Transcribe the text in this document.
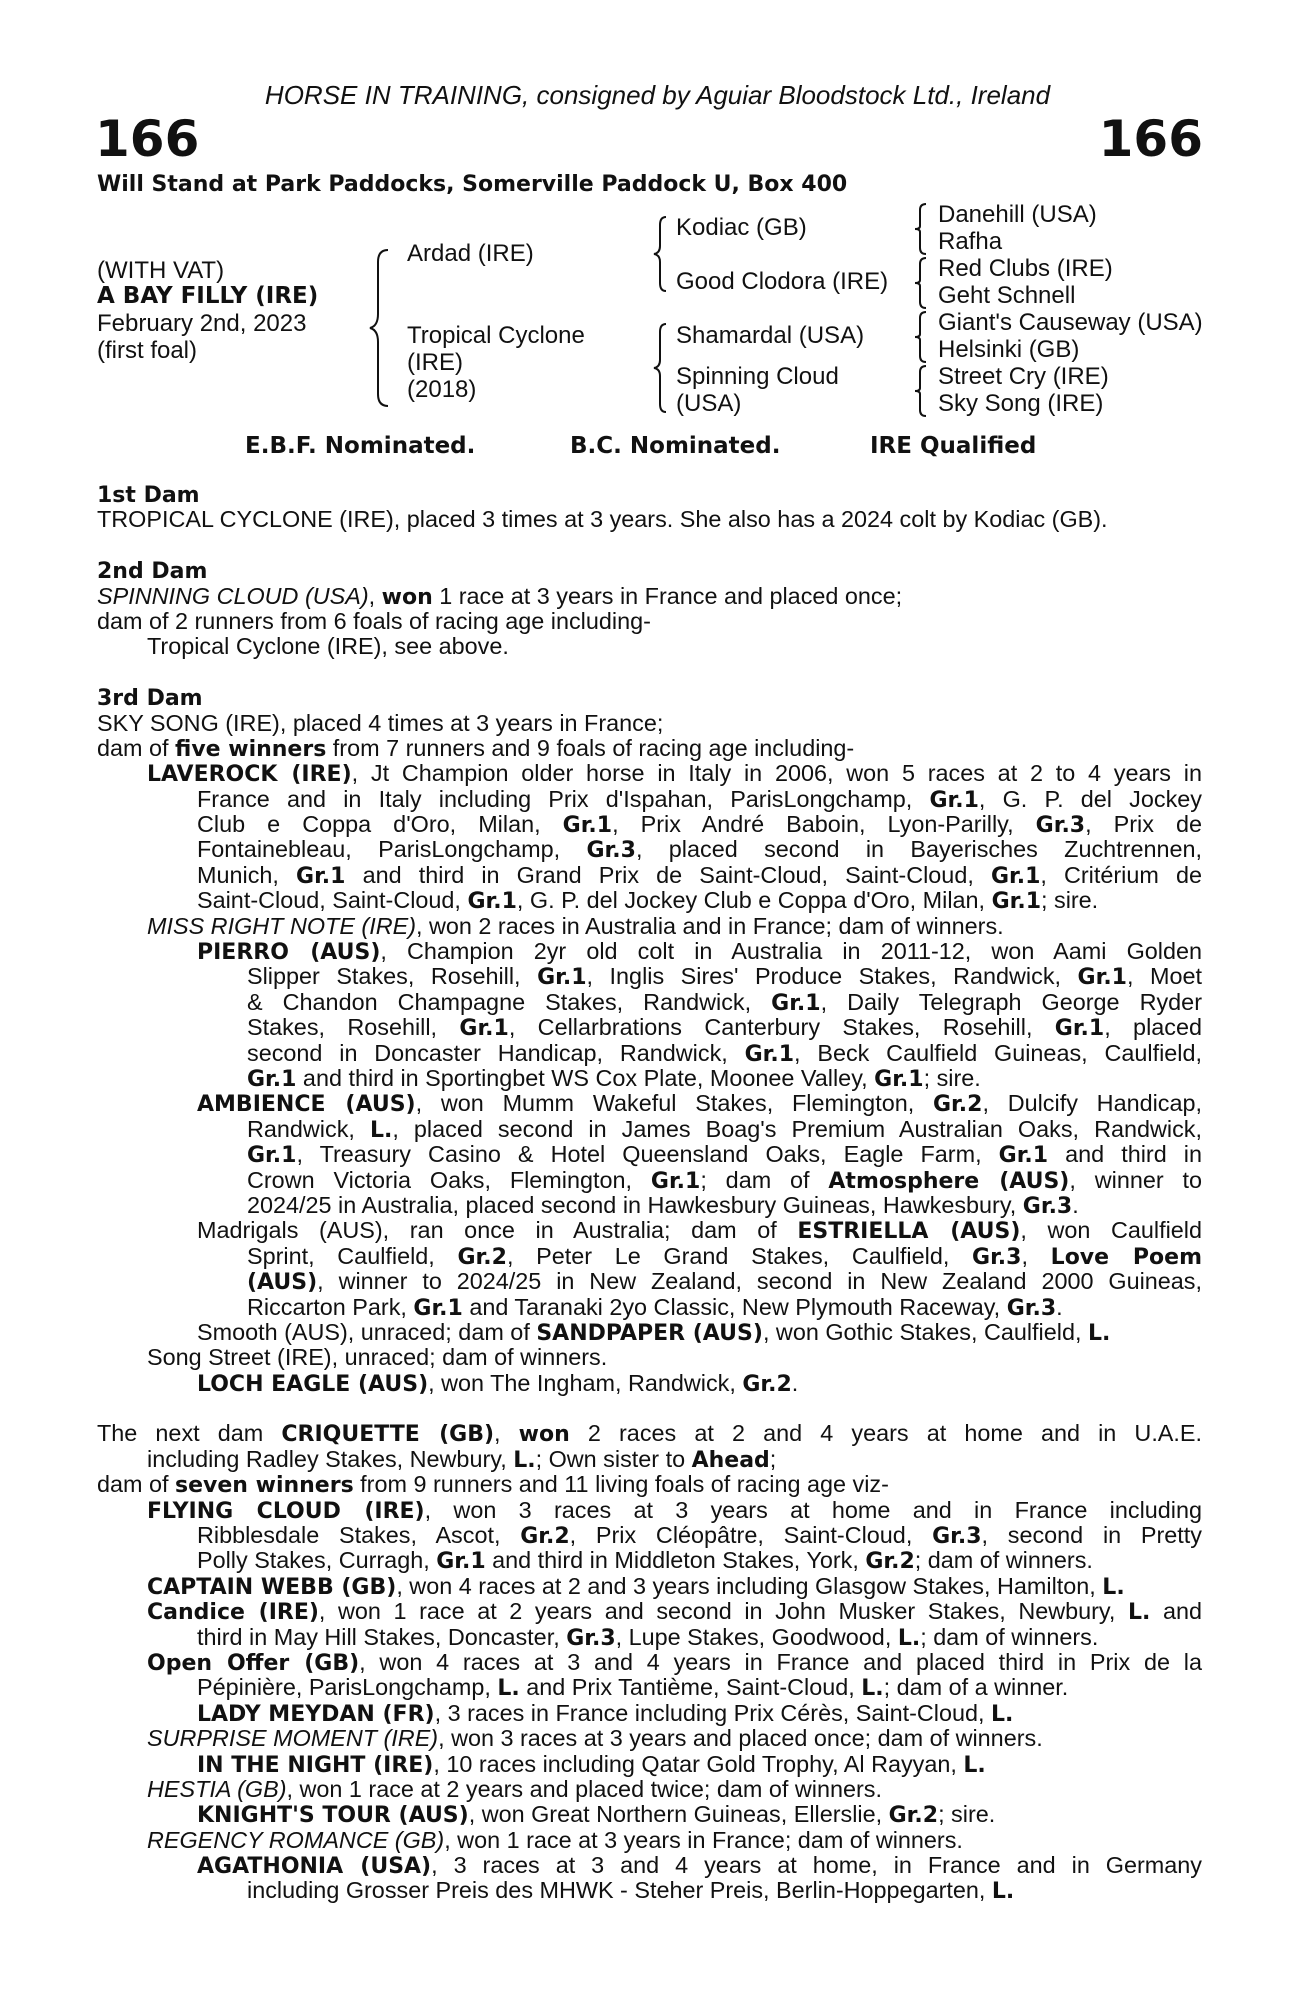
HORSE IN TRAINING, consigned by Aguiar Bloodstock Ltd., Ireland
166	166
Will Stand at Park Paddocks, Somerville Paddock U, Box 400
(WITH VAT)
A BAY FILLY (IRE)
February 2nd, 2023
(first foal)
Ardad (IRE)
Tropical Cyclone
(IRE)
(2018)
Kodiac (GB)
Good Clodora (IRE)
Shamardal (USA)
Spinning Cloud
(USA)
Danehill (USA)
Rafha
Red Clubs (IRE)
Geht Schnell
Giant's Causeway (USA)
Helsinki (GB)
Street Cry (IRE)
Sky Song (IRE)
E.B.F. Nominated.	B.C. Nominated.	IRE Qualified
1st Dam
TROPICAL CYCLONE (IRE), placed 3 times at 3 years. She also has a 2024 colt by Kodiac (GB).
2nd Dam
SPINNING CLOUD (USA), won 1 race at 3 years in France and placed once;
dam of 2 runners from 6 foals of racing age including-
Tropical Cyclone (IRE), see above.
3rd Dam
SKY SONG (IRE), placed 4 times at 3 years in France;
dam of five winners from 7 runners and 9 foals of racing age including-
LAVEROCK (IRE), Jt Champion older horse in Italy in 2006, won 5 races at 2 to 4 years in
France and in Italy including Prix d'Ispahan, ParisLongchamp, Gr.1, G. P. del Jockey
Club e Coppa d'Oro, Milan, Gr.1, Prix André Baboin, Lyon-Parilly, Gr.3, Prix de
Fontainebleau, ParisLongchamp, Gr.3, placed second in Bayerisches Zuchtrennen,
Munich, Gr.1 and third in Grand Prix de Saint-Cloud, Saint-Cloud, Gr.1, Critérium de
Saint-Cloud, Saint-Cloud, Gr.1, G. P. del Jockey Club e Coppa d'Oro, Milan, Gr.1; sire.
MISS RIGHT NOTE (IRE), won 2 races in Australia and in France; dam of winners.
PIERRO (AUS), Champion 2yr old colt in Australia in 2011-12, won Aami Golden
Slipper Stakes, Rosehill, Gr.1, Inglis Sires' Produce Stakes, Randwick, Gr.1, Moet
& Chandon Champagne Stakes, Randwick, Gr.1, Daily Telegraph George Ryder
Stakes, Rosehill, Gr.1, Cellarbrations Canterbury Stakes, Rosehill, Gr.1, placed
second in Doncaster Handicap, Randwick, Gr.1, Beck Caulfield Guineas, Caulfield,
Gr.1 and third in Sportingbet WS Cox Plate, Moonee Valley, Gr.1; sire.
AMBIENCE (AUS), won Mumm Wakeful Stakes, Flemington, Gr.2, Dulcify Handicap,
Randwick, L., placed second in James Boag's Premium Australian Oaks, Randwick,
Gr.1, Treasury Casino & Hotel Queensland Oaks, Eagle Farm, Gr.1 and third in
Crown Victoria Oaks, Flemington, Gr.1; dam of Atmosphere (AUS), winner to
2024/25 in Australia, placed second in Hawkesbury Guineas, Hawkesbury, Gr.3.
Madrigals (AUS), ran once in Australia; dam of ESTRIELLA (AUS), won Caulfield
Sprint, Caulfield, Gr.2, Peter Le Grand Stakes, Caulfield, Gr.3, Love Poem
(AUS), winner to 2024/25 in New Zealand, second in New Zealand 2000 Guineas,
Riccarton Park, Gr.1 and Taranaki 2yo Classic, New Plymouth Raceway, Gr.3.
Smooth (AUS), unraced; dam of SANDPAPER (AUS), won Gothic Stakes, Caulfield, L.
Song Street (IRE), unraced; dam of winners.
LOCH EAGLE (AUS), won The Ingham, Randwick, Gr.2.
The next dam CRIQUETTE (GB), won 2 races at 2 and 4 years at home and in U.A.E.
including Radley Stakes, Newbury, L.; Own sister to Ahead;
dam of seven winners from 9 runners and 11 living foals of racing age viz-
FLYING CLOUD (IRE), won 3 races at 3 years at home and in France including
Ribblesdale Stakes, Ascot, Gr.2, Prix Cléopâtre, Saint-Cloud, Gr.3, second in Pretty
Polly Stakes, Curragh, Gr.1 and third in Middleton Stakes, York, Gr.2; dam of winners.
CAPTAIN WEBB (GB), won 4 races at 2 and 3 years including Glasgow Stakes, Hamilton, L.
Candice (IRE), won 1 race at 2 years and second in John Musker Stakes, Newbury, L. and
third in May Hill Stakes, Doncaster, Gr.3, Lupe Stakes, Goodwood, L.; dam of winners.
Open Offer (GB), won 4 races at 3 and 4 years in France and placed third in Prix de la
Pépinière, ParisLongchamp, L. and Prix Tantième, Saint-Cloud, L.; dam of a winner.
LADY MEYDAN (FR), 3 races in France including Prix Cérès, Saint-Cloud, L.
SURPRISE MOMENT (IRE), won 3 races at 3 years and placed once; dam of winners.
IN THE NIGHT (IRE), 10 races including Qatar Gold Trophy, Al Rayyan, L.
HESTIA (GB), won 1 race at 2 years and placed twice; dam of winners.
KNIGHT'S TOUR (AUS), won Great Northern Guineas, Ellerslie, Gr.2; sire.
REGENCY ROMANCE (GB), won 1 race at 3 years in France; dam of winners.
AGATHONIA (USA), 3 races at 3 and 4 years at home, in France and in Germany
including Grosser Preis des MHWK - Steher Preis, Berlin-Hoppegarten, L.
